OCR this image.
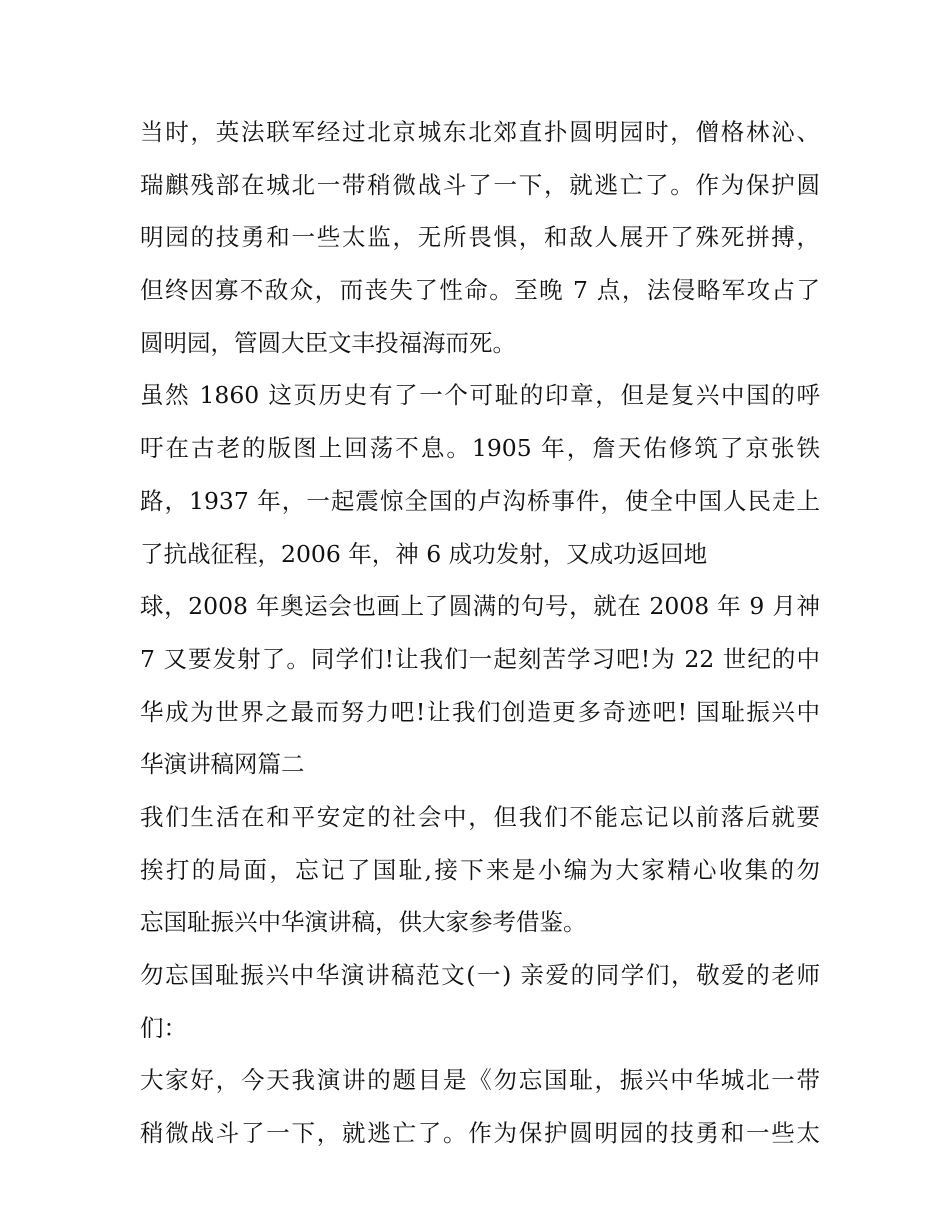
当时，英法联军经过北京城东北郊直扑圆明园时，僧格林沁、
瑞麒残部在城北一带稍微战斗了一下，就逃亡了。作为保护圆
明园的技勇和一些太监，无所畏惧，和敌人展开了殊死拼搏，
但终因寡不敌众，而丧失了性命。至晚 7 点，法侵略军攻占了
圆明园，管圆大臣文丰投福海而死。
虽然 1860 这页历史有了一个可耻的印章，但是复兴中国的呼
吁在古老的版图上回荡不息。1905 年，詹天佑修筑了京张铁
路，1937 年，一起震惊全国的卢沟桥事件，使全中国人民走上
了抗战征程，2006 年，神 6 成功发射，又成功返回地
球，2008 年奥运会也画上了圆满的句号，就在 2008 年 9 月神
7 又要发射了。同学们!让我们一起刻苦学习吧!为 22 世纪的中
华成为世界之最而努力吧!让我们创造更多奇迹吧! 国耻振兴中
华演讲稿网篇二
我们生活在和平安定的社会中，但我们不能忘记以前落后就要
挨打的局面，忘记了国耻,接下来是小编为大家精心收集的勿
忘国耻振兴中华演讲稿，供大家参考借鉴。
勿忘国耻振兴中华演讲稿范文(一) 亲爱的同学们，敬爱的老师
们：
大家好，今天我演讲的题目是《勿忘国耻，振兴中华城北一带
稍微战斗了一下，就逃亡了。作为保护圆明园的技勇和一些太
